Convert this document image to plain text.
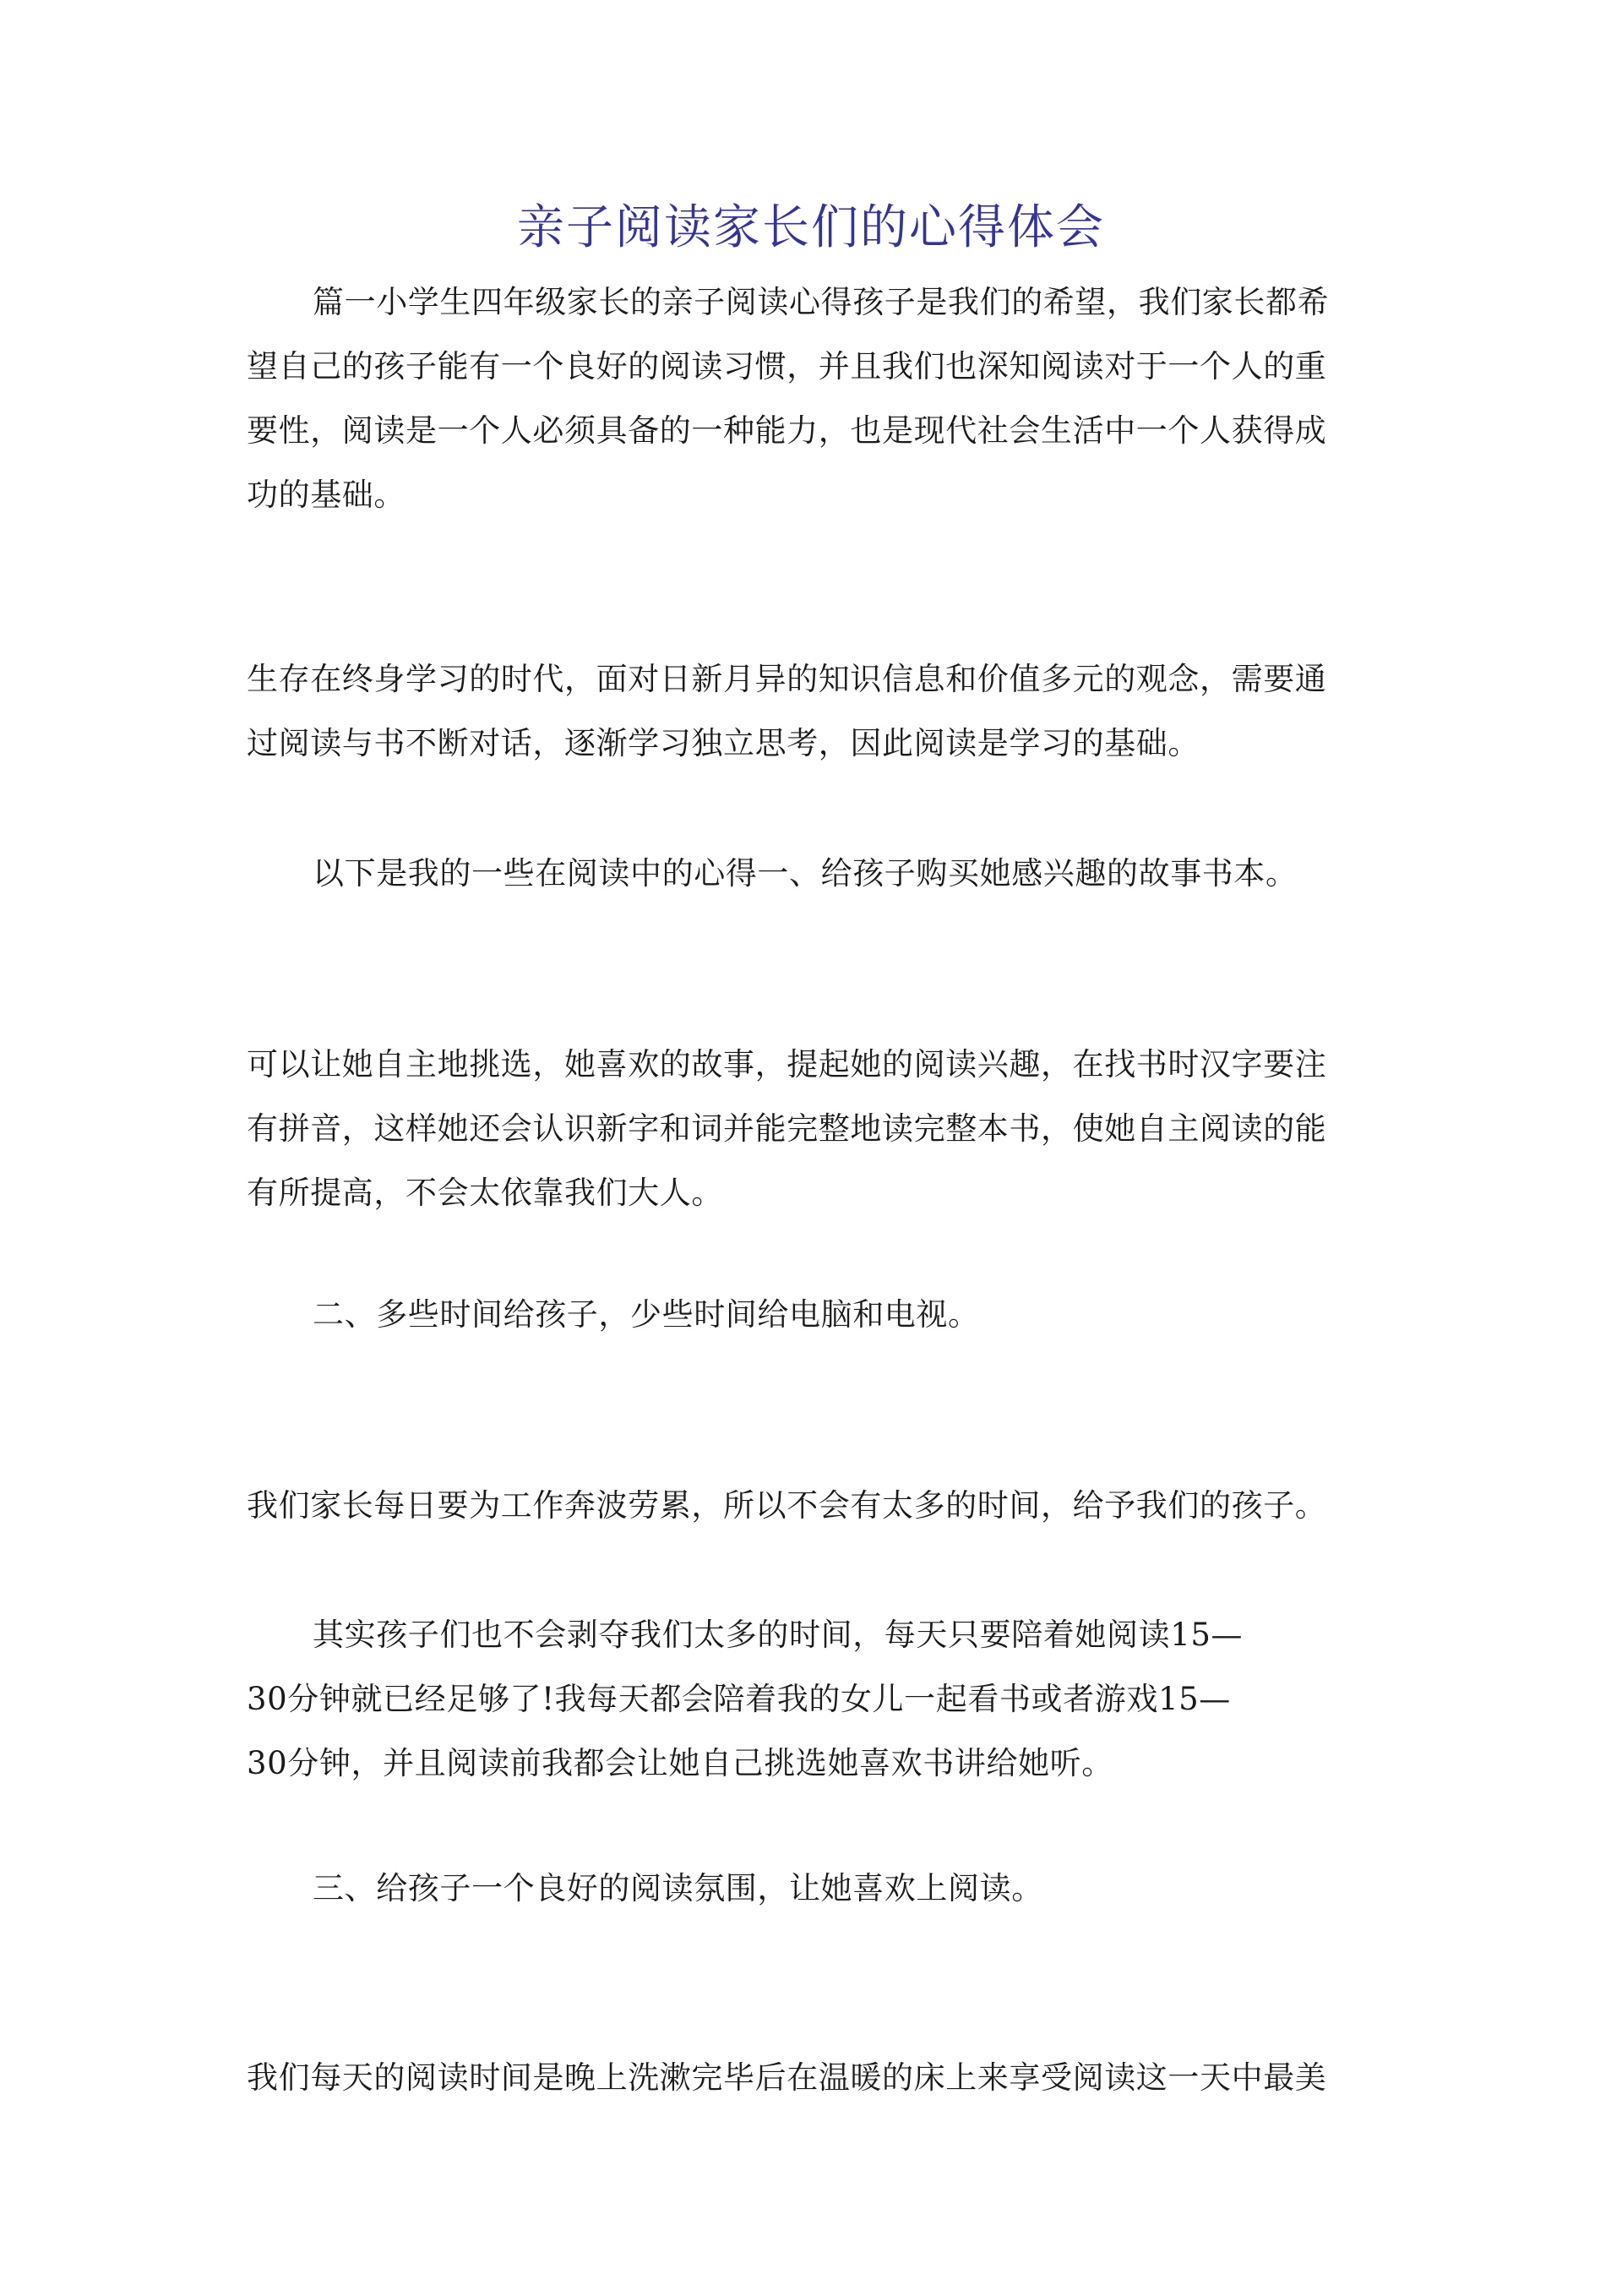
亲子阅读家长们的心得体会
篇一小学生四年级家长的亲子阅读心得孩子是我们的希望，我们家长都希
望自己的孩子能有一个良好的阅读习惯，并且我们也深知阅读对于一个人的重
要性，阅读是一个人必须具备的一种能力，也是现代社会生活中一个人获得成
功的基础。
生存在终身学习的时代，面对日新月异的知识信息和价值多元的观念，需要通
过阅读与书不断对话，逐渐学习独立思考，因此阅读是学习的基础。
以下是我的一些在阅读中的心得一、给孩子购买她感兴趣的故事书本。
可以让她自主地挑选，她喜欢的故事，提起她的阅读兴趣，在找书时汉字要注
有拼音，这样她还会认识新字和词并能完整地读完整本书，使她自主阅读的能
有所提高，不会太依靠我们大人。
二、多些时间给孩子，少些时间给电脑和电视。
我们家长每日要为工作奔波劳累，所以不会有太多的时间，给予我们的孩子。
其实孩子们也不会剥夺我们太多的时间，每天只要陪着她阅读15—
30分钟就已经足够了!我每天都会陪着我的女儿一起看书或者游戏15—
30分钟，并且阅读前我都会让她自己挑选她喜欢书讲给她听。
三、给孩子一个良好的阅读氛围，让她喜欢上阅读。
我们每天的阅读时间是晚上洗漱完毕后在温暖的床上来享受阅读这一天中最美
